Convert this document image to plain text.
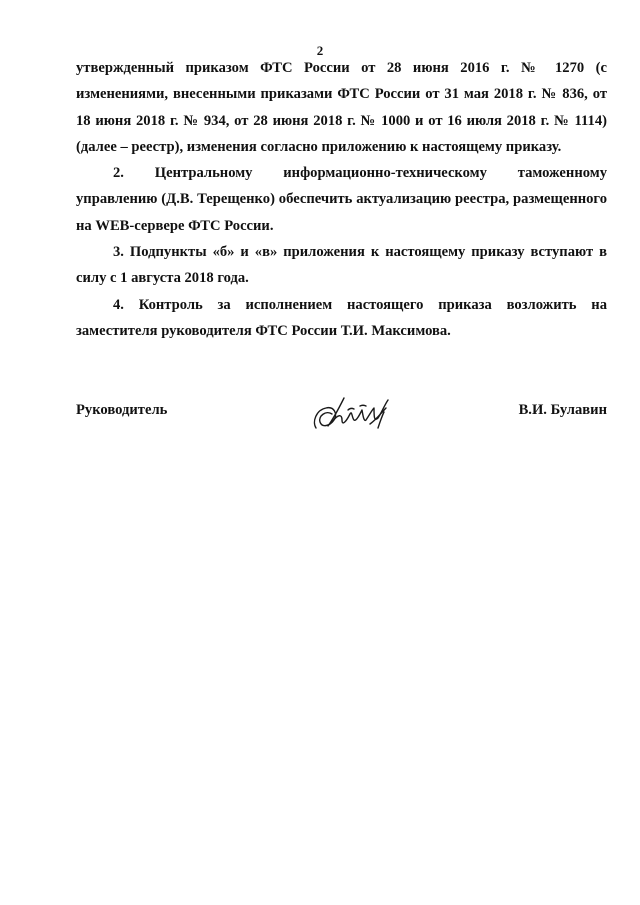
2

утвержденный приказом ФТС России от 28 июня 2016 г. № 1270 (с изменениями, внесенными приказами ФТС России от 31 мая 2018 г. № 836, от 18 июня 2018 г. № 934, от 28 июня 2018 г. № 1000 и от 16 июля 2018 г. № 1114) (далее – реестр), изменения согласно приложению к настоящему приказу.

2. Центральному информационно-техническому таможенному управлению (Д.В. Терещенко) обеспечить актуализацию реестра, размещенного на WEB-сервере ФТС России.

3. Подпункты «б» и «в» приложения к настоящему приказу вступают в силу с 1 августа 2018 года.

4. Контроль за исполнением настоящего приказа возложить на заместителя руководителя ФТС России Т.И. Максимова.

Руководитель	В.И. Булавин
